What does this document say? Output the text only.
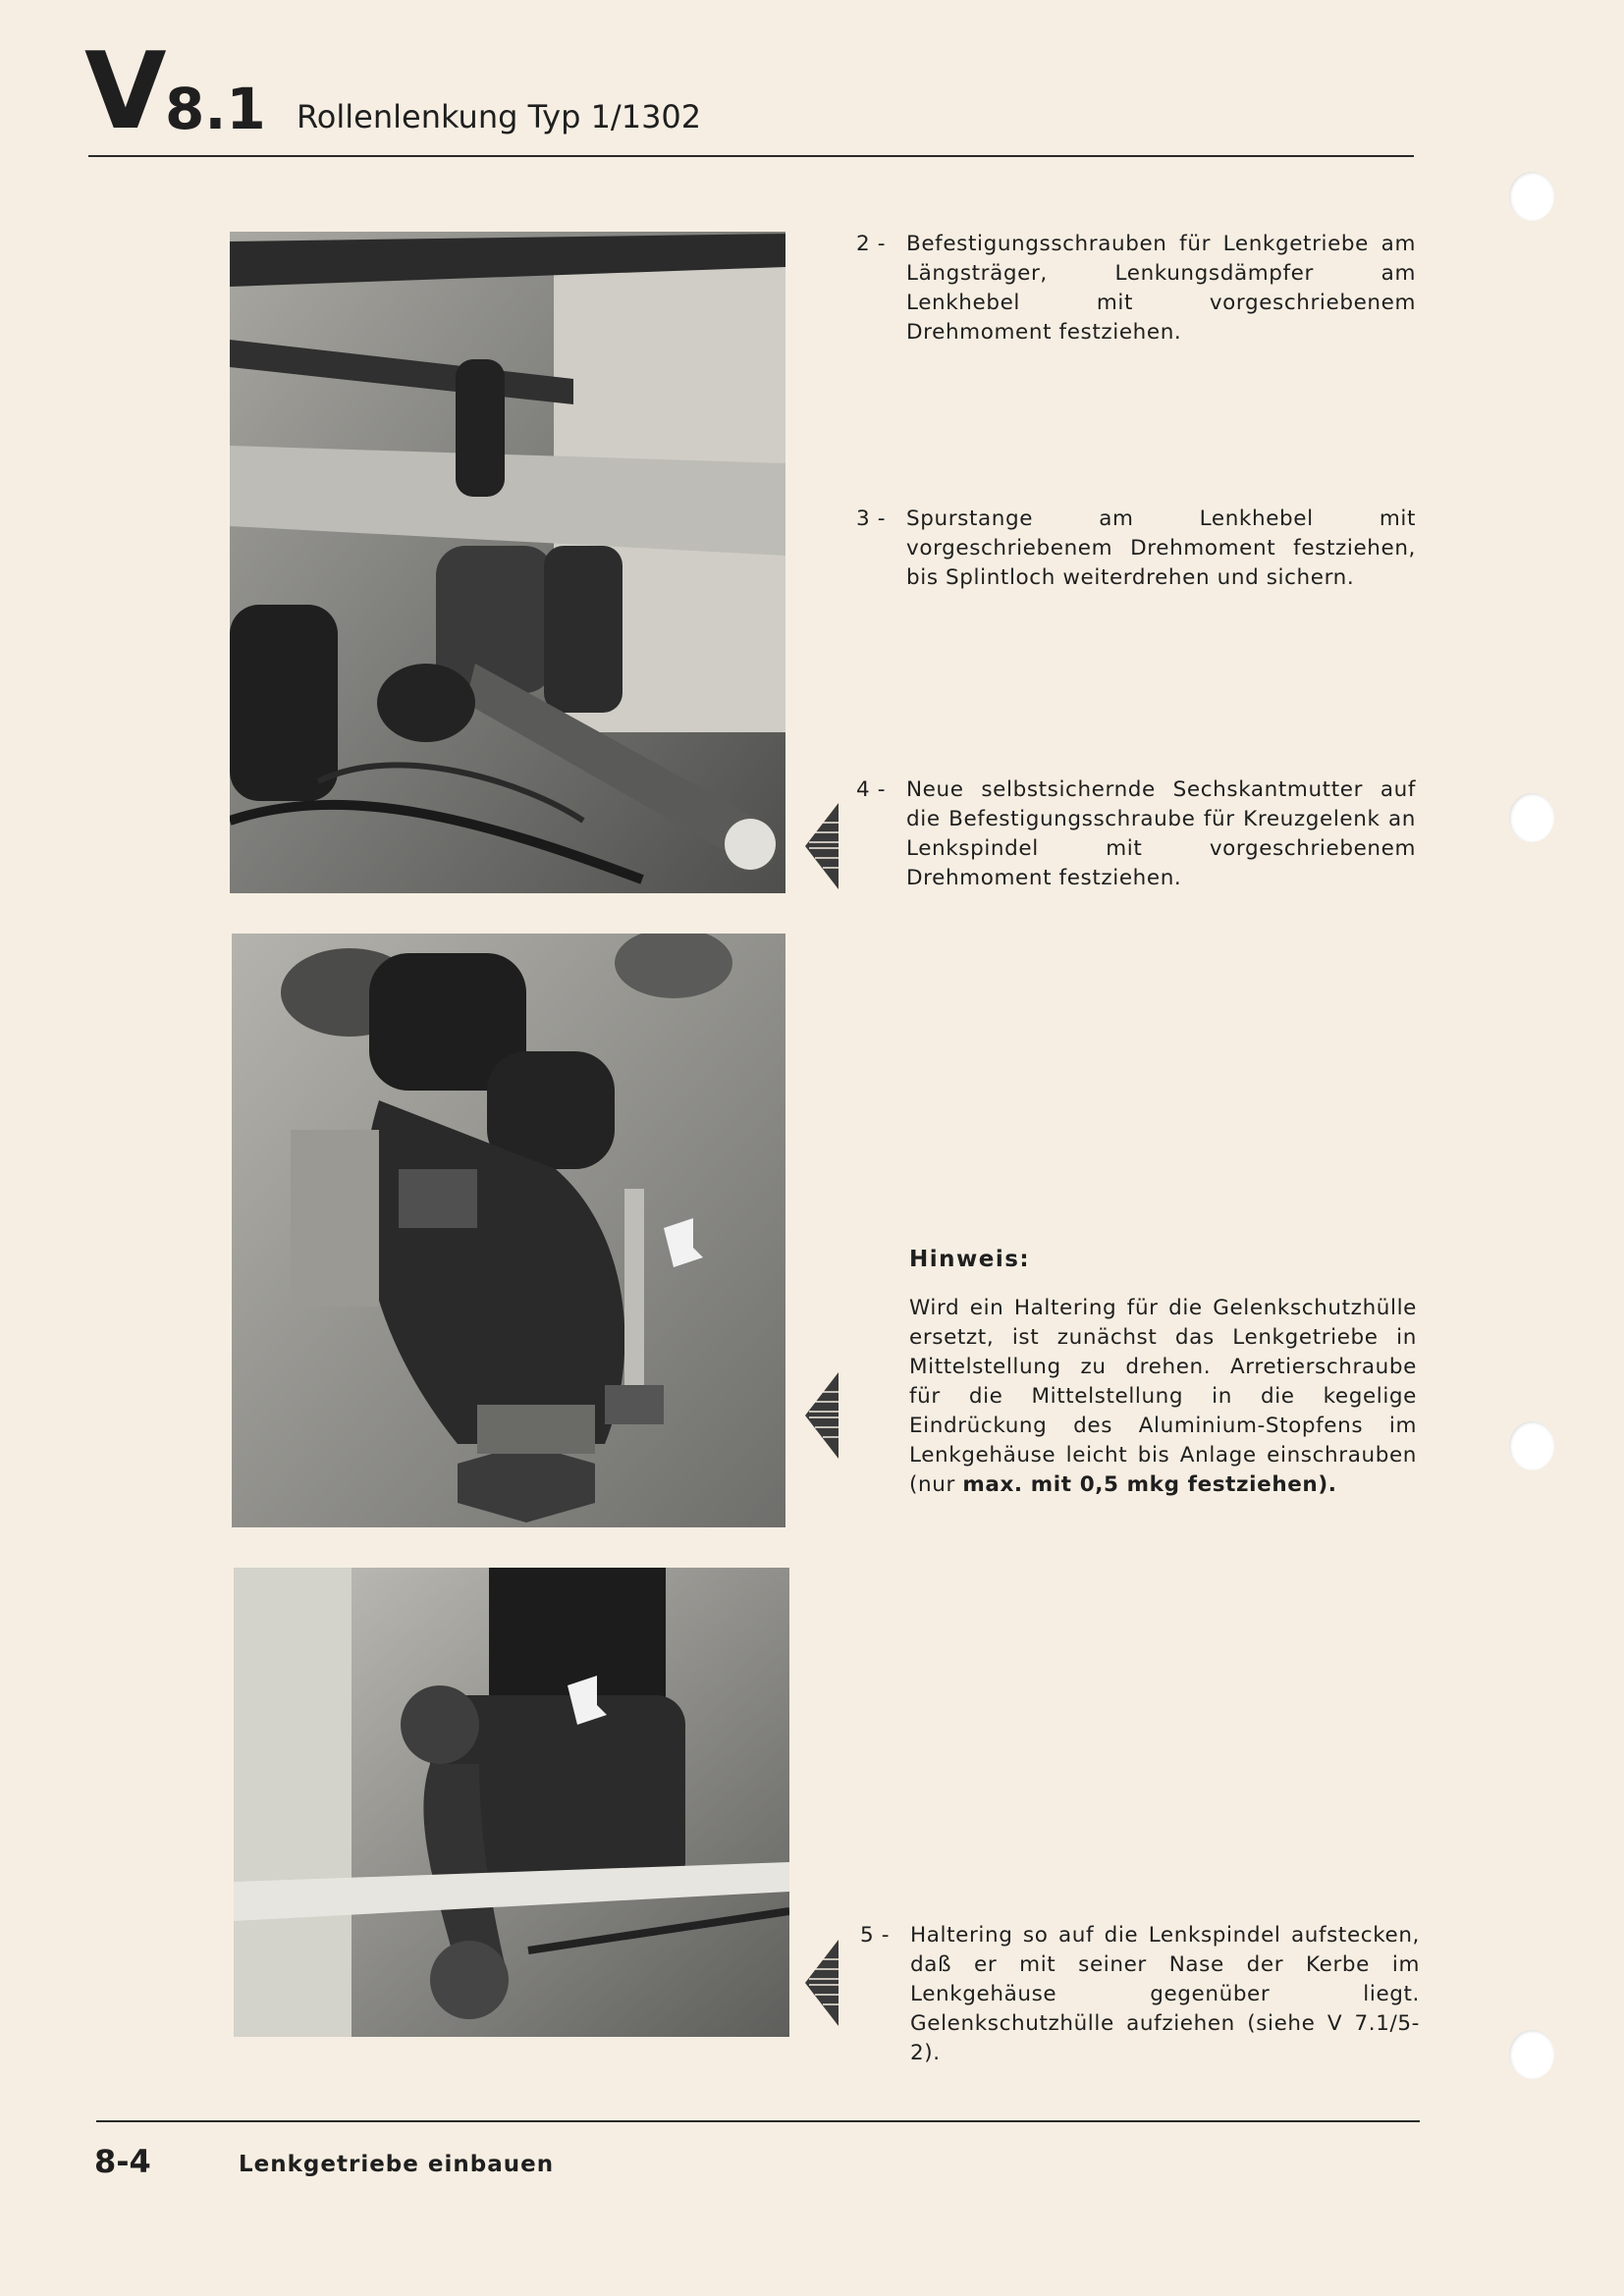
V 8.1 Rollenlenkung Typ 1/1302
2 - Befestigungsschrauben für Lenkgetriebe am Längsträger, Lenkungsdämpfer am Lenkhebel mit vorgeschriebenem Drehmoment festziehen.
3 - Spurstange am Lenkhebel mit vorgeschriebenem Drehmoment festziehen, bis Splintloch weiterdrehen und sichern.
4 - Neue selbstsichernde Sechskantmutter auf die Befestigungsschraube für Kreuzgelenk an Lenkspindel mit vorgeschriebenem Drehmoment festziehen.
Hinweis:
Wird ein Haltering für die Gelenkschutzhülle ersetzt, ist zunächst das Lenkgetriebe in Mittelstellung zu drehen. Arretierschraube für die Mittelstellung in die kegelige Eindrückung des Aluminium-Stopfens im Lenkgehäuse leicht bis Anlage einschrauben (nur max. mit 0,5 mkg festziehen).
5 - Haltering so auf die Lenkspindel aufstecken, daß er mit seiner Nase der Kerbe im Lenkgehäuse gegenüber liegt. Gelenkschutzhülle aufziehen (siehe V 7.1/5-2).
8-4	Lenkgetriebe einbauen
